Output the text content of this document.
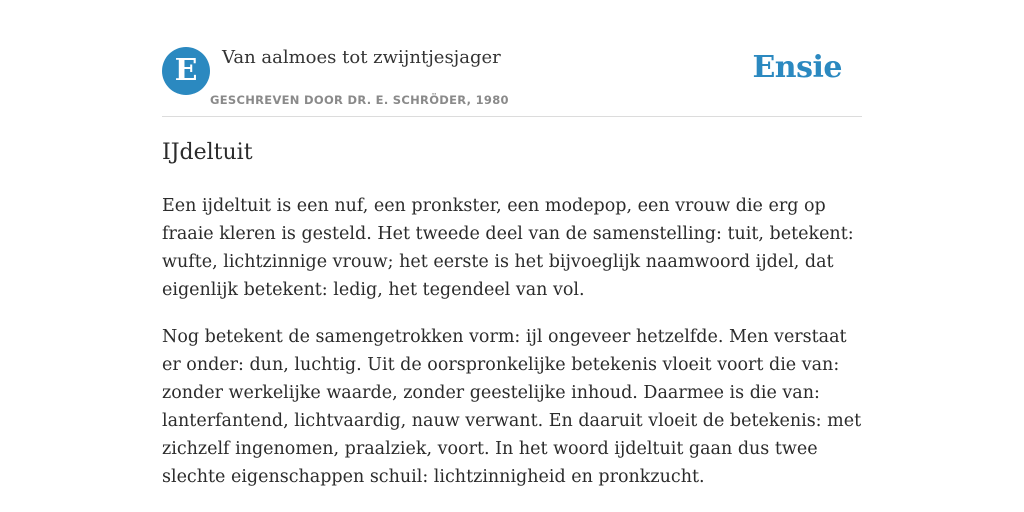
E	Van aalmoes tot zwijntjesjager
GESCHREVEN DOOR DR. E. SCHRÖDER, 1980
Ensie
IJdeltuit

Een ijdeltuit is een nuf, een pronkster, een modepop, een vrouw die erg op fraaie kleren is gesteld. Het tweede deel van de samenstelling: tuit, betekent: wufte, lichtzinnige vrouw; het eerste is het bijvoeglijk naamwoord ijdel, dat eigenlijk betekent: ledig, het tegendeel van vol.

Nog betekent de samengetrokken vorm: ijl ongeveer hetzelfde. Men verstaat er onder: dun, luchtig. Uit de oorspronkelijke betekenis vloeit voort die van: zonder werkelijke waarde, zonder geestelijke inhoud. Daarmee is die van: lanterfantend, lichtvaardig, nauw verwant. En daaruit vloeit de betekenis: met zichzelf ingenomen, praalziek, voort. In het woord ijdeltuit gaan dus twee slechte eigenschappen schuil: lichtzinnigheid en pronkzucht.
